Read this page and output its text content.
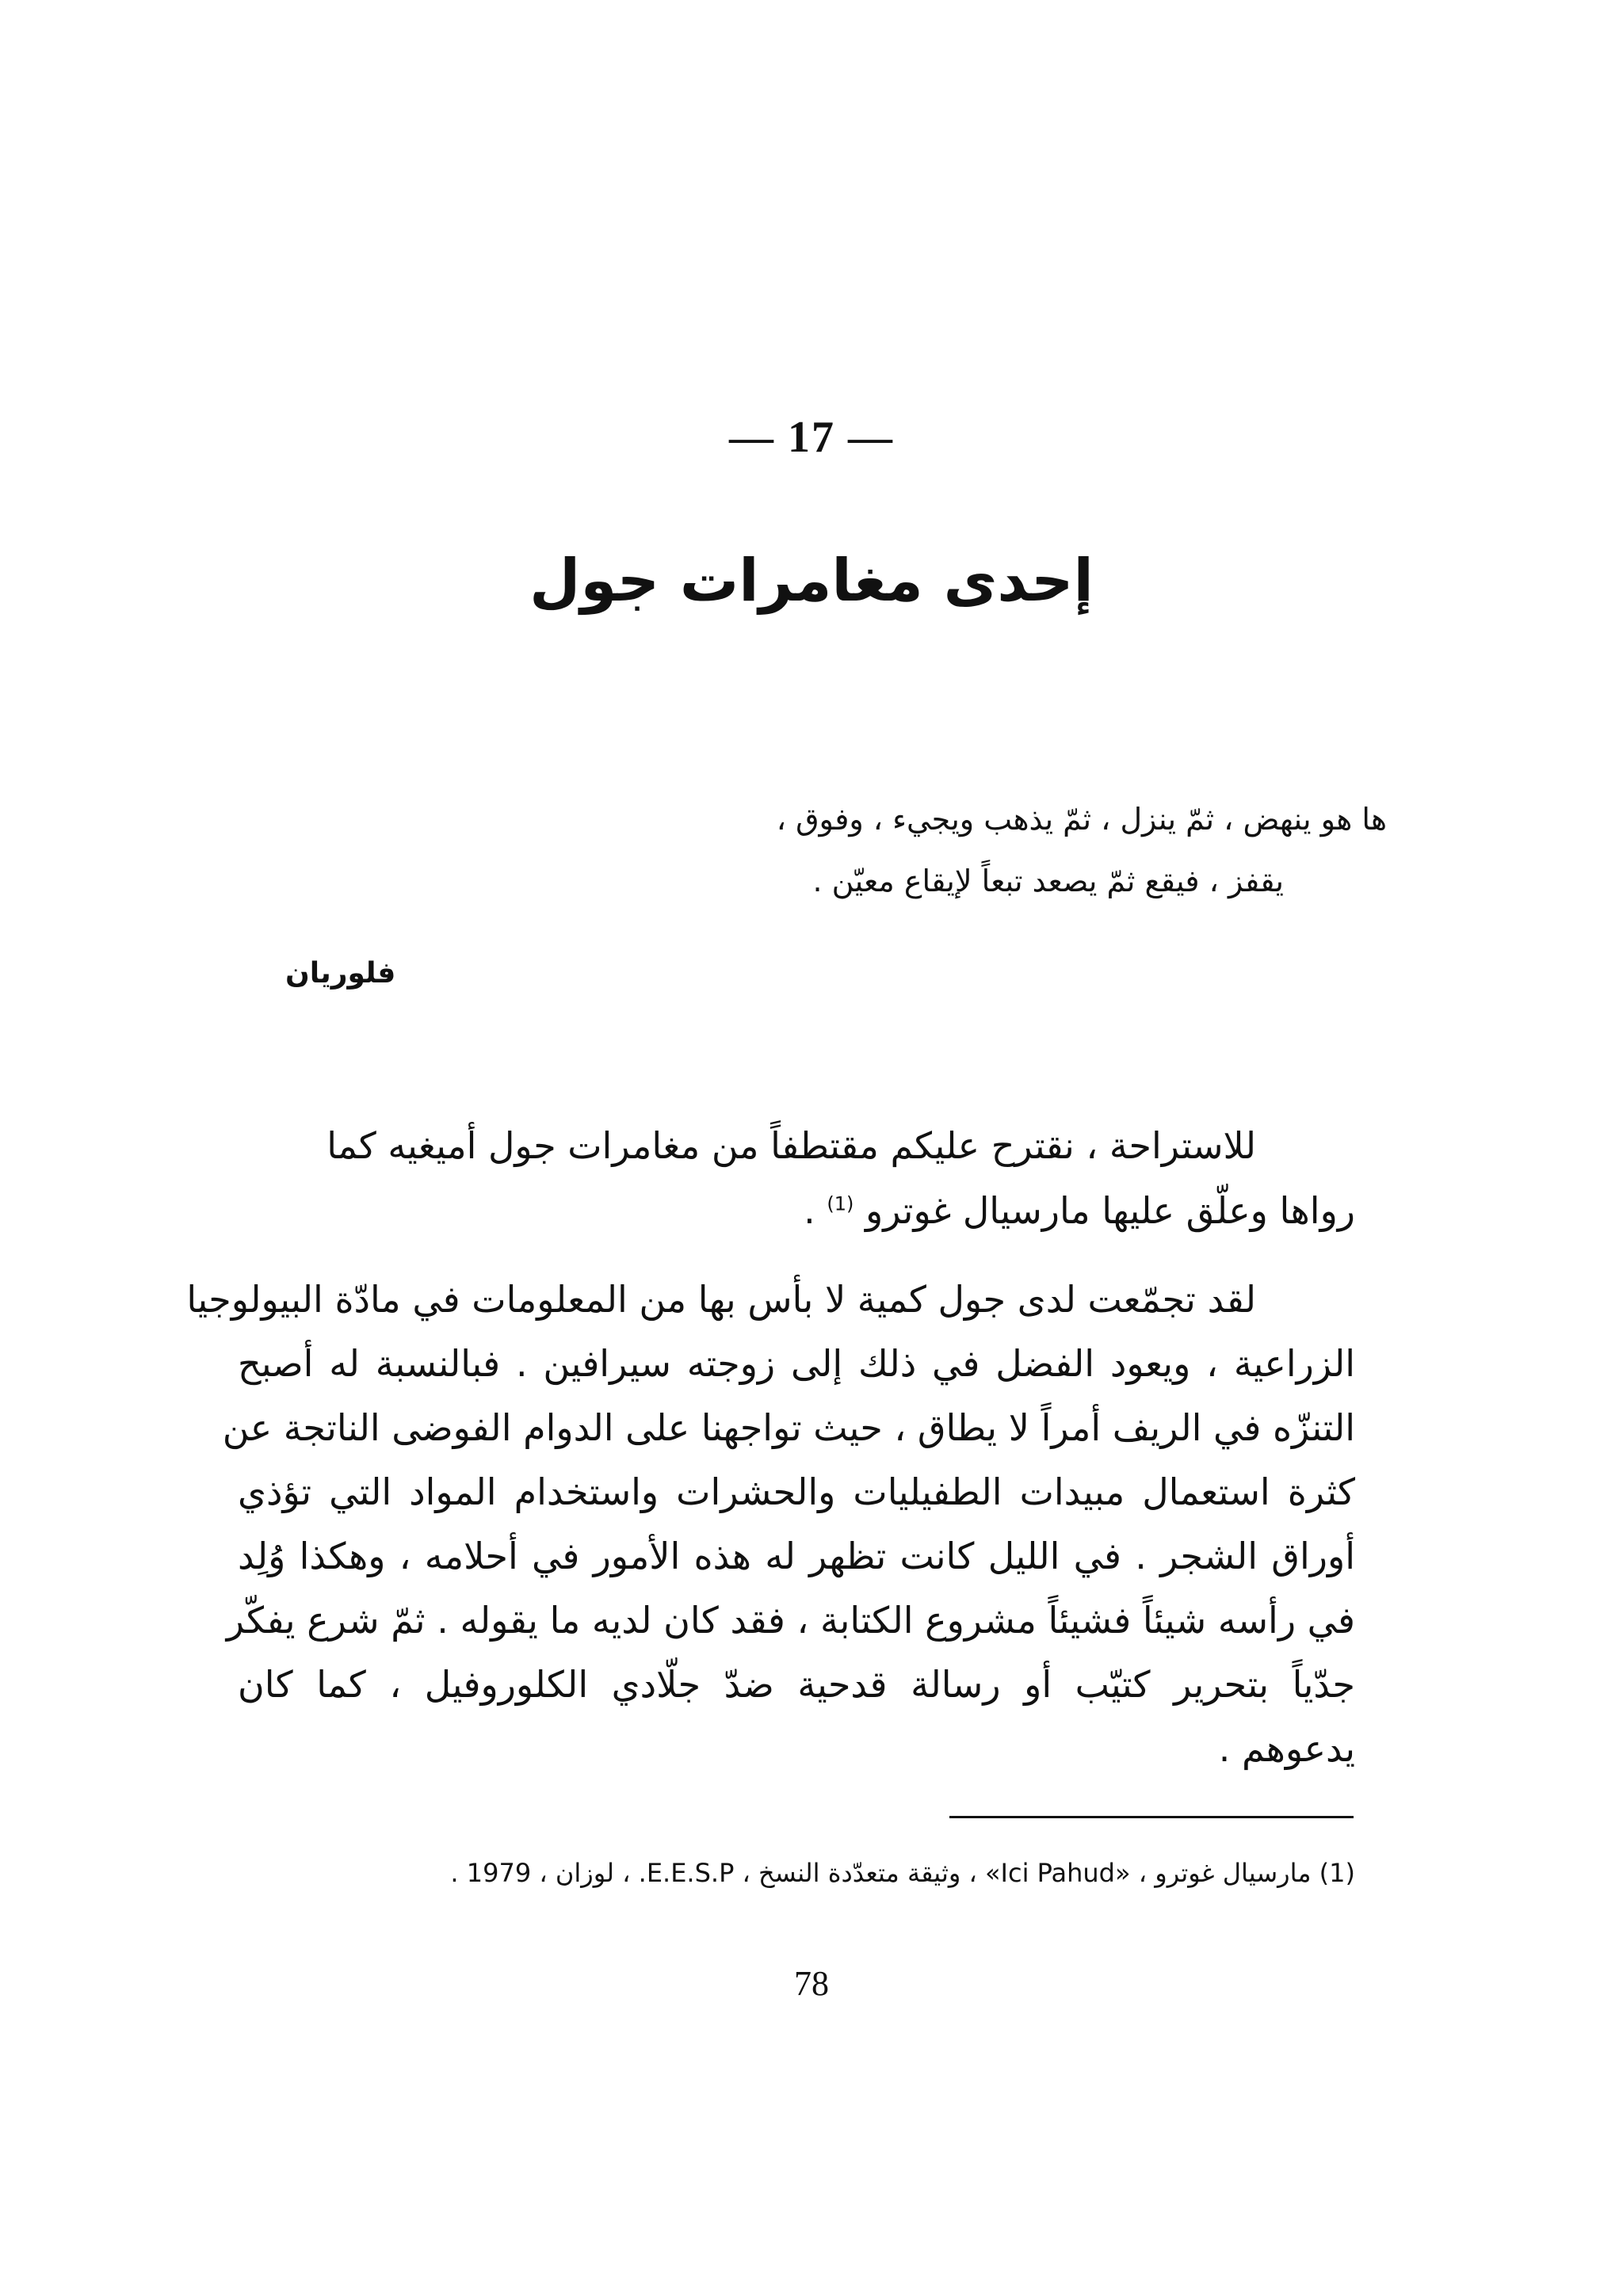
— 17 —
إحدى مغامرات جول
ها هو ينهض ، ثمّ ينزل ، ثمّ يذهب ويجيء ، وفوق ،
يقفز ، فيقع ثمّ يصعد تبعاً لإيقاع معيّن .
فلوريان
للاستراحة ، نقترح عليكم مقتطفاً من مغامرات جول أميغيه كما
رواها وعلّق عليها مارسيال غوترو $^{(1)}$ .
لقد تجمّعت لدى جول كمية لا بأس بها من المعلومات في مادّة البيولوجيا
الزراعية ، ويعود الفضل في ذلك إلى زوجته سيرافين . فبالنسبة له أصبح
التنزّه في الريف أمراً لا يطاق ، حيث تواجهنا على الدوام الفوضى الناتجة عن
كثرة استعمال مبيدات الطفيليات والحشرات واستخدام المواد التي تؤذي
أوراق الشجر . في الليل كانت تظهر له هذه الأمور في أحلامه ، وهكذا وُلِد
في رأسه شيئاً فشيئاً مشروع الكتابة ، فقد كان لديه ما يقوله . ثمّ شرع يفكّر
جدّياً بتحرير كتيّب أو رسالة قدحية ضدّ جلّادي الكلوروفيل ، كما كان
يدعوهم .
(1) مارسيال غوترو ، «Ici Pahud» ، وثيقة متعدّدة النسخ ، E.E.S.P. ، لوزان ، 1979 .
78
